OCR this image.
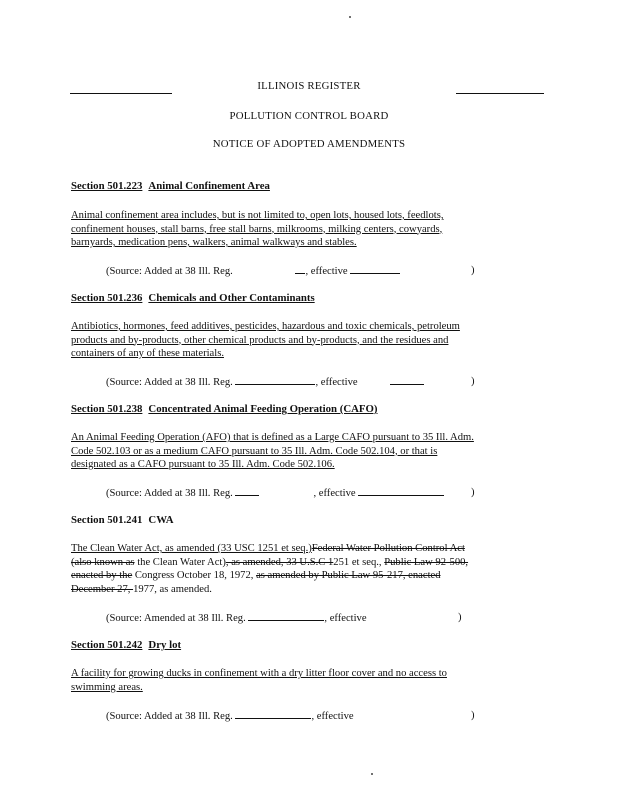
ILLINOIS REGISTER
POLLUTION CONTROL BOARD
NOTICE OF ADOPTED AMENDMENTS
Section 501.223 Animal Confinement Area
Animal confinement area includes, but is not limited to, open lots, housed lots, feedlots,
confinement houses, stall barns, free stall barns, milkrooms, milking centers, cowyards,
barnyards, medication pens, walkers, animal walkways and stables.
(Source: Added at 38 Ill. Reg.	, effective	)
Section 501.236 Chemicals and Other Contaminants
Antibiotics, hormones, feed additives, pesticides, hazardous and toxic chemicals, petroleum
products and by-products, other chemical products and by-products, and the residues and
containers of any of these materials.
(Source: Added at 38 Ill. Reg.	, effective	)
Section 501.238 Concentrated Animal Feeding Operation (CAFO)
An Animal Feeding Operation (AFO) that is defined as a Large CAFO pursuant to 35 Ill. Adm.
Code 502.103 or as a medium CAFO pursuant to 35 Ill. Adm. Code 502.104, or that is
designated as a CAFO pursuant to 35 Ill. Adm. Code 502.106.
(Source: Added at 38 Ill. Reg.	, effective	)
Section 501.241 CWA
The Clean Water Act, as amended (33 USC 1251 et seq.)Federal Water Pollution Control Act
(also known as the Clean Water Act), as amended, 33 U.S.C 1251 et seq., Public Law 92-500,
enacted by the Congress October 18, 1972, as amended by Public Law 95-217, enacted
December 27, 1977, as amended.
(Source: Amended at 38 Ill. Reg.	, effective	)
Section 501.242 Dry lot
A facility for growing ducks in confinement with a dry litter floor cover and no access to
swimming areas.
(Source: Added at 38 Ill. Reg.	, effective	)
